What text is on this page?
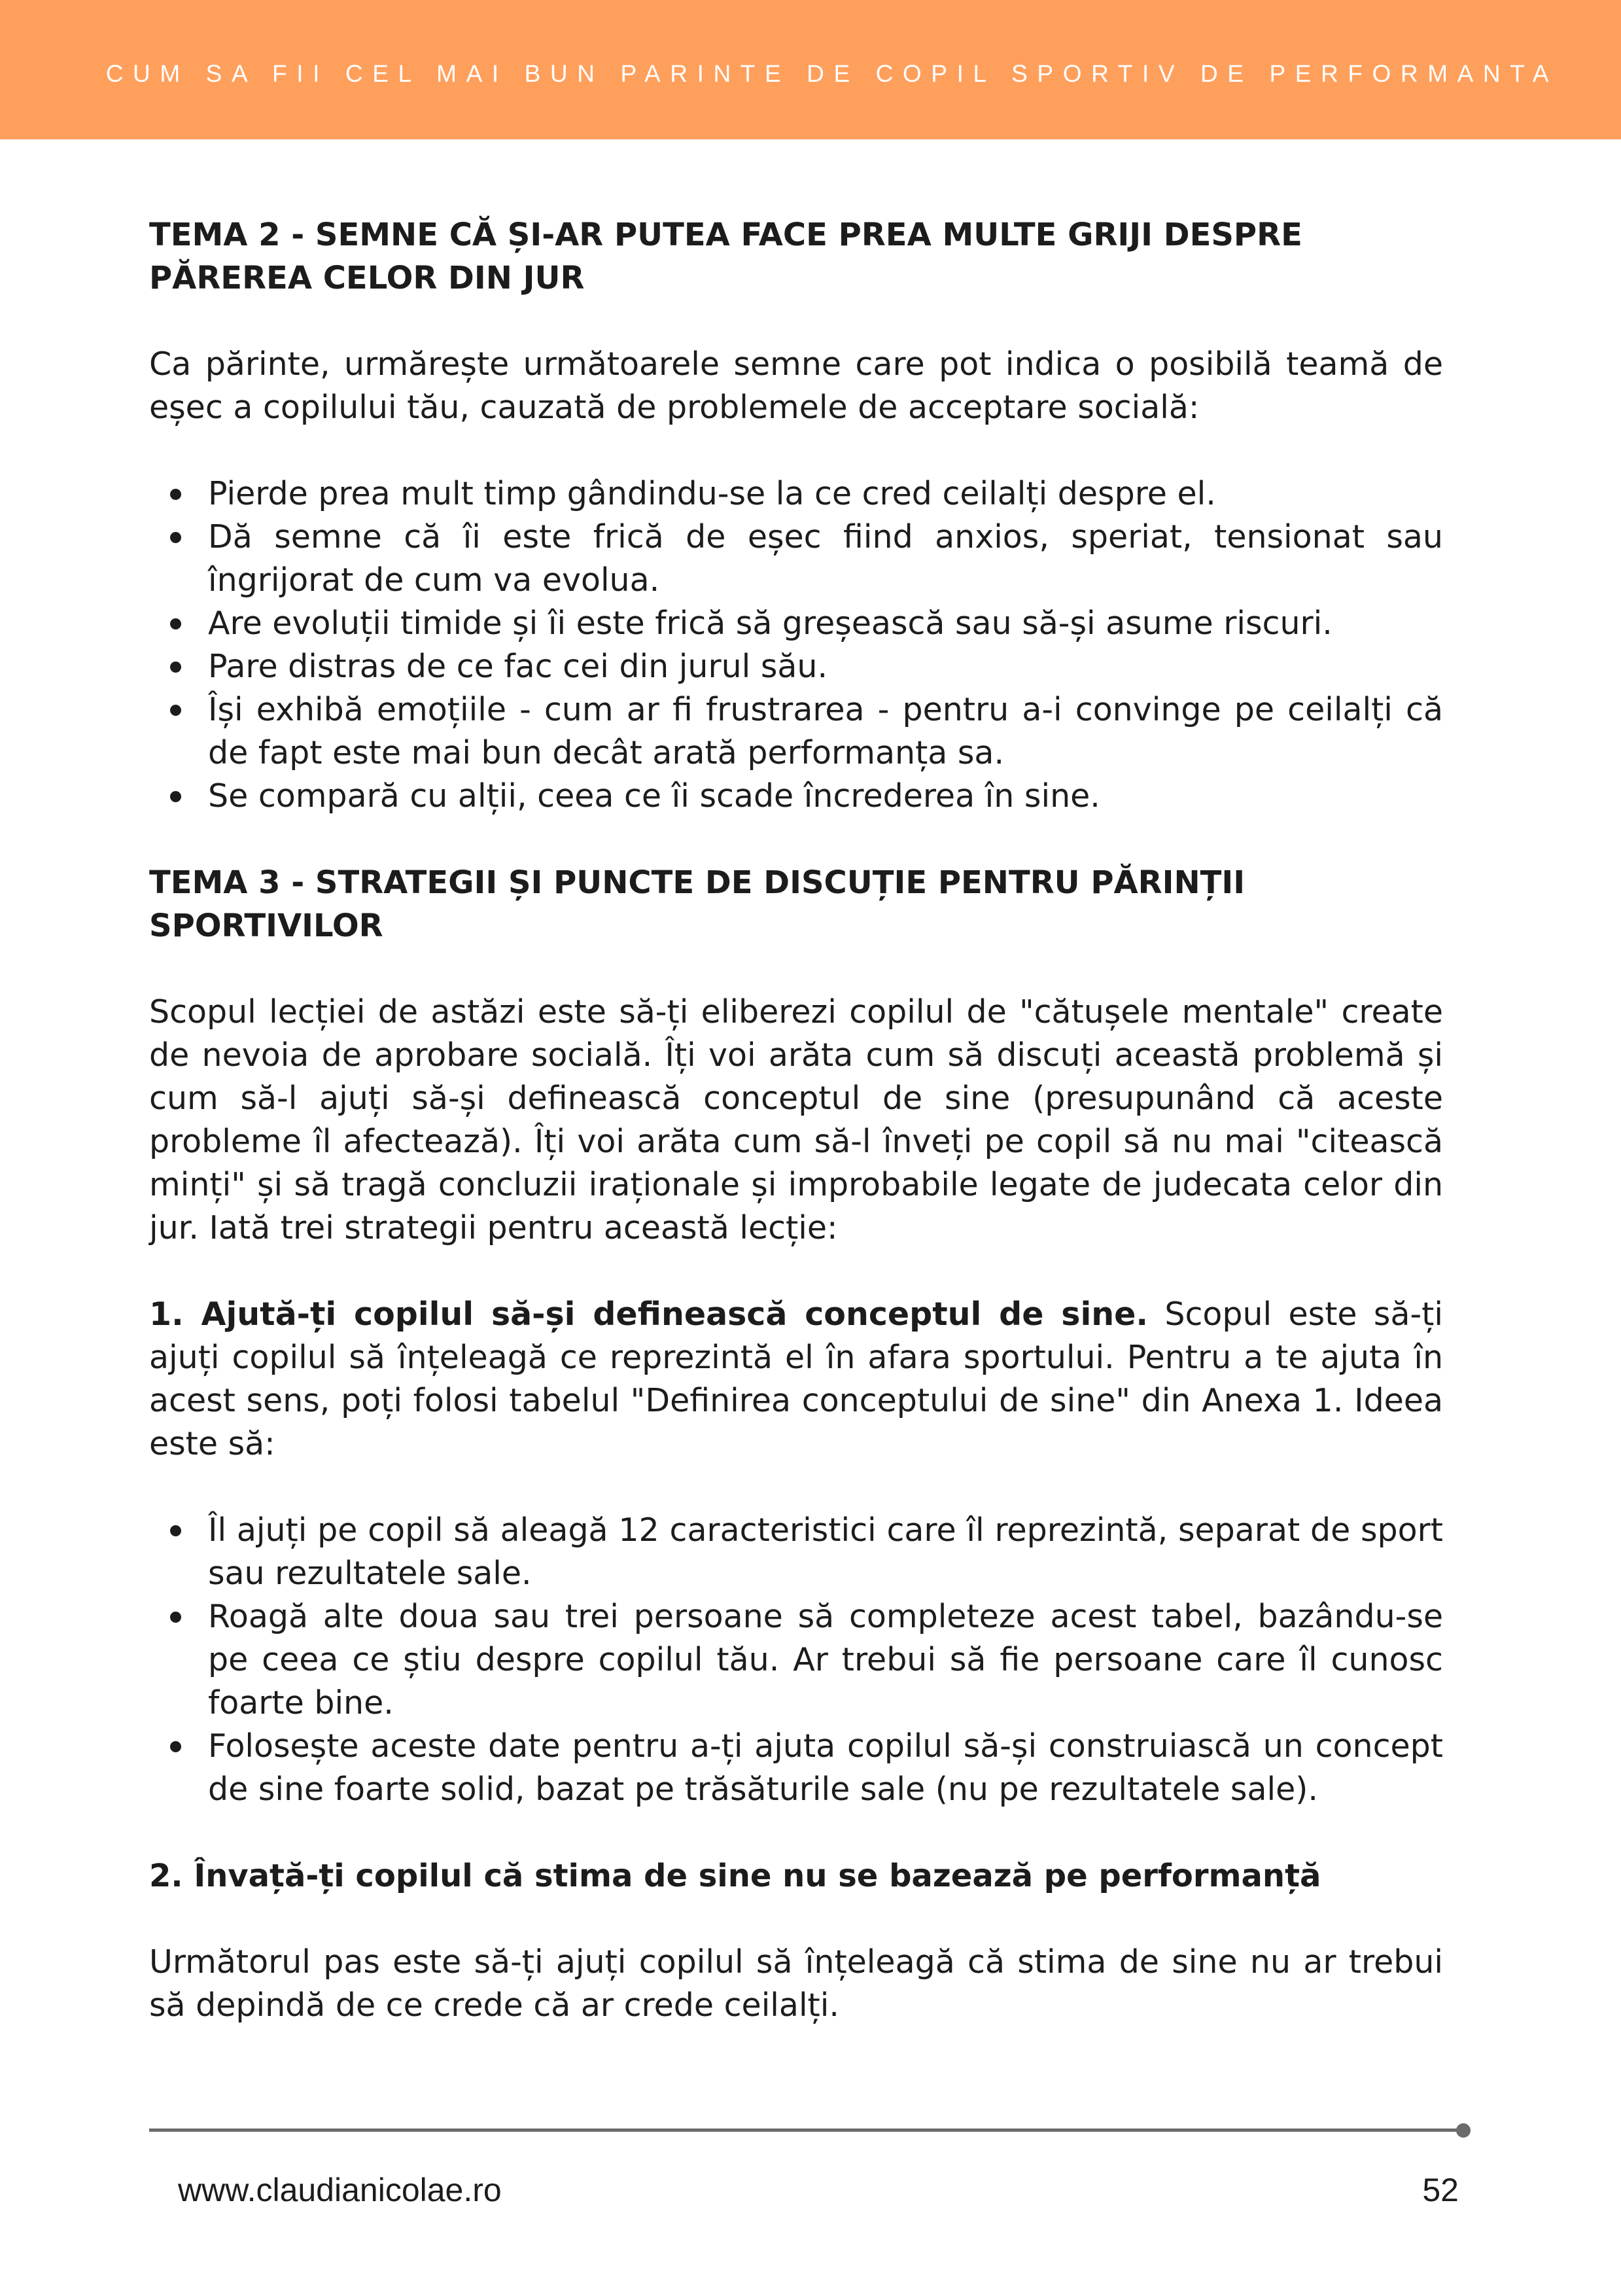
CUM SA FII CEL MAI BUN PARINTE DE COPIL SPORTIV DE PERFORMANTA
TEMA 2 - SEMNE CĂ ȘI-AR PUTEA FACE PREA MULTE GRIJI DESPRE
PĂREREA CELOR DIN JUR

Ca părinte, urmărește următoarele semne care pot indica o posibilă teamă de eșec a copilului tău, cauzată de problemele de acceptare socială:

Pierde prea mult timp gândindu-se la ce cred ceilalți despre el.
Dă semne că îi este frică de eșec fiind anxios, speriat, tensionat sau îngrijorat de cum va evolua.
Are evoluții timide și îi este frică să greșească sau să-și asume riscuri.
Pare distras de ce fac cei din jurul său.
Își exhibă emoțiile - cum ar fi frustrarea - pentru a-i convinge pe ceilalți că de fapt este mai bun decât arată performanța sa.
Se compară cu alții, ceea ce îi scade încrederea în sine.
TEMA 3 - STRATEGII ȘI PUNCTE DE DISCUȚIE PENTRU PĂRINȚII
SPORTIVILOR

Scopul lecției de astăzi este să-ți eliberezi copilul de "cătușele mentale" create de nevoia de aprobare socială. Îți voi arăta cum să discuți această problemă și cum să-l ajuți să-și definească conceptul de sine (presupunând că aceste probleme îl afectează). Îți voi arăta cum să-l înveți pe copil să nu mai "citească minți" și să tragă concluzii iraționale și improbabile legate de judecata celor din jur. Iată trei strategii pentru această lecție:

1. Ajută-ți copilul să-și definească conceptul de sine. Scopul este să-ți ajuți copilul să înțeleagă ce reprezintă el în afara sportului. Pentru a te ajuta în acest sens, poți folosi tabelul "Definirea conceptului de sine" din Anexa 1. Ideea este să:

Îl ajuți pe copil să aleagă 12 caracteristici care îl reprezintă, separat de sport sau rezultatele sale.
Roagă alte doua sau trei persoane să completeze acest tabel, bazându-se pe ceea ce știu despre copilul tău. Ar trebui să fie persoane care îl cunosc foarte bine.
Folosește aceste date pentru a-ți ajuta copilul să-și construiască un concept de sine foarte solid, bazat pe trăsăturile sale (nu pe rezultatele sale).
2. Învață-ți copilul că stima de sine nu se bazează pe performanță

Următorul pas este să-ți ajuți copilul să înțeleagă că stima de sine nu ar trebui să depindă de ce crede că ar crede ceilalți.

www.claudianicolae.ro	52
